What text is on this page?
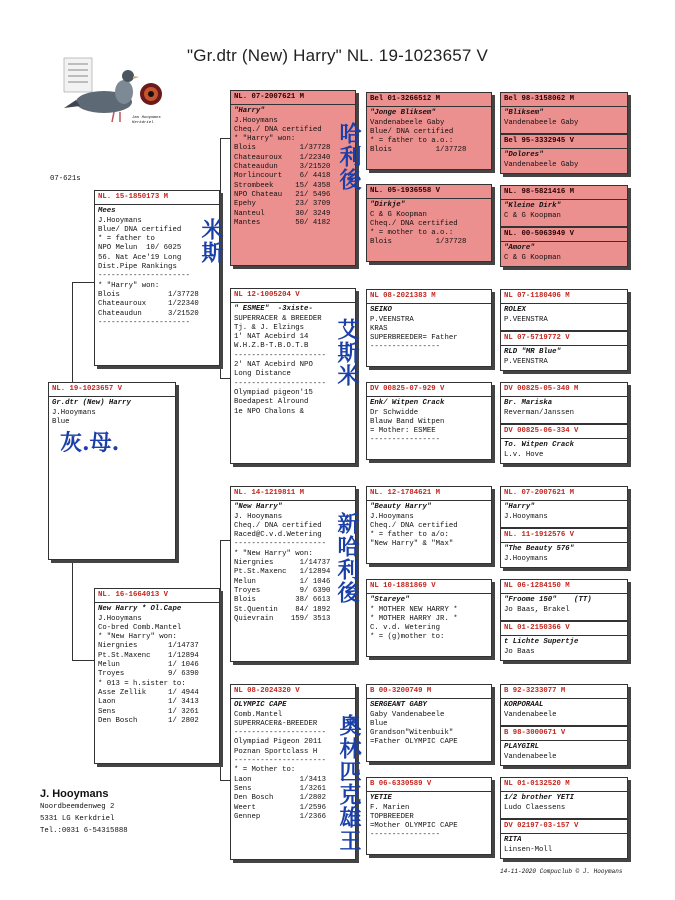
"Gr.dtr (New) Harry" NL. 19-1023657 V
Jan Hooymans
Kerkdriel
07-621s
NL. 19-1023657 V
Gr.dtr (New) Harry
J.Hooymans
Blue
NL. 15-1850173 M
Mees
J.Hooymans
Blue/ DNA certified
* = father to
NPO Melun  10/ 6025
56. Nat Ace'19 Long
Dist.Pipe Rankings
---------------------
* "Harry" won:
Blois           1/37728
Chateauroux     1/22340
Chateaudun      3/21520
---------------------
NL. 16-1664013 V
New Harry * Ol.Cape
J.Hooymans
Co-bred Comb.Mantel
* "New Harry" won:
Niergnies       1/14737
Pt.St.Maxenc    1/12894
Melun           1/ 1046
Troyes          9/ 6390
* 013 = h.sister to:
Asse Zellik     1/ 4944
Laon            1/ 3413
Sens            1/ 3261
Den Bosch       1/ 2802
NL. 07-2007621 M
"Harry"
J.Hooymans
Cheq./ DNA certified
* "Harry" won:
Blois          1/37728
Chateauroux    1/22340
Chateaudun     3/21520
Morlincourt    6/ 4418
Strombeek     15/ 4358
NPO Chateau   21/ 5496
Epehy         23/ 3709
Nanteul       30/ 3249
Mantes        50/ 4182
NL 12-1005204 V
" ESMEE"  -3xiste-
SUPERRACER & BREEDER
Tj. & J. Elzings
1' NAT Acebird 14
W.H.Z.B-T.B.O.T.B
---------------------
2' NAT Acebird NPO
Long Distance
---------------------
Olympiad pigeon'15
Boedapest Alround
1e NPO Chalons &
NL. 14-1219811 M
"New Harry"
J. Hooymans
Cheq./ DNA certified
Raced@C.v.d.Wetering
---------------------
* "New Harry" won:
Niergnies      1/14737
Pt.St.Maxenc   1/12894
Melun          1/ 1046
Troyes         9/ 6390
Blois         38/ 6613
St.Quentin    84/ 1892
Quievrain    159/ 3513
NL 08-2024320 V
OLYMPIC CAPE
Comb.Mantel
SUPERRACER&-BREEDER
---------------------
Olympiad Pigeon 2011
Poznan Sportclass H
---------------------
* = Mother to:
Laon           1/3413
Sens           1/3261
Den Bosch      1/2802
Weert          1/2596
Gennep         1/2366
Bel 01-3266512 M
"Jonge Bliksem"
Vandenabeele Gaby
Blue/ DNA certified
* = father to a.o.:
Blois          1/37728
NL. 05-1936558 V
"Dirkje"
C & G Koopman
Cheq./ DNA certified
* = mother to a.o.:
Blois          1/37728
NL 08-2021383 M
SEIKO
P.VEENSTRA
KRAS
SUPERBREEDER= Father
----------------
DV 00825-07-929 V
Enk/ Witpen Crack
Dr Schwidde
Blauw Band Witpen
= Mother: ESMEE
----------------
NL. 12-1784621 M
"Beauty Harry"
J.Hooymans
Cheq./ DNA certified
* = father to a/o:
"New Harry" & "Max"
NL 10-1881869 V
"Stareye"
* MOTHER NEW HARRY *
* MOTHER HARRY JR. *
C. v.d. Wetering
* = (g)mother to:
B 00-3200749 M
SERGEANT GABY
Gaby Vandenabeele
Blue
Grandson"Witenbuik"
=Father OLYMPIC CAPE
B 06-6330589 V
YETIE
F. Marien
TOPBREEDER
=Mother OLYMPIC CAPE
----------------
Bel 98-3158062 M
"Bliksem"
Vandenabeele Gaby
Bel 95-3332945 V
"Dolores"
Vandenabeele Gaby
NL. 98-5821416 M
"Kleine Dirk"
C & G Koopman
NL. 00-5063949 V
"Amore"
C & G Koopman
NL 07-1180406 M
ROLEX
P.VEENSTRA
NL 07-5719772 V
RLD "MR Blue"
P.VEENSTRA
DV 00825-05-340 M
Br. Mariska
Reverman/Janssen
DV 00825-06-334 V
To. Witpen Crack
L.v. Hove
NL. 07-2007621 M
"Harry"
J.Hooymans
NL. 11-1912576 V
"The Beauty 576"
J.Hooymans
NL 06-1284150 M
"Froome 150"    (TT)
Jo Baas, Brakel
NL 01-2150366 V
t Lichte Supertje
Jo Baas
B 92-3233077 M
KORPORAAL
Vandenabeele
B 98-3000671 V
PLAYGIRL
Vandenabeele
NL 01-0132520 M
1/2 brother YETI
Ludo Claessens
DV 02197-03-157 V
RITA
Linsen-Moll
哈利後
米斯
艾斯米
灰.母.
新哈利後
奧林匹克雄王
J. Hooymans
Noordbeemdenweg 2
5331 LG Kerkdriel
Tel.:0031 6-54315888
14-11-2020 Compuclub © J. Hooymans
